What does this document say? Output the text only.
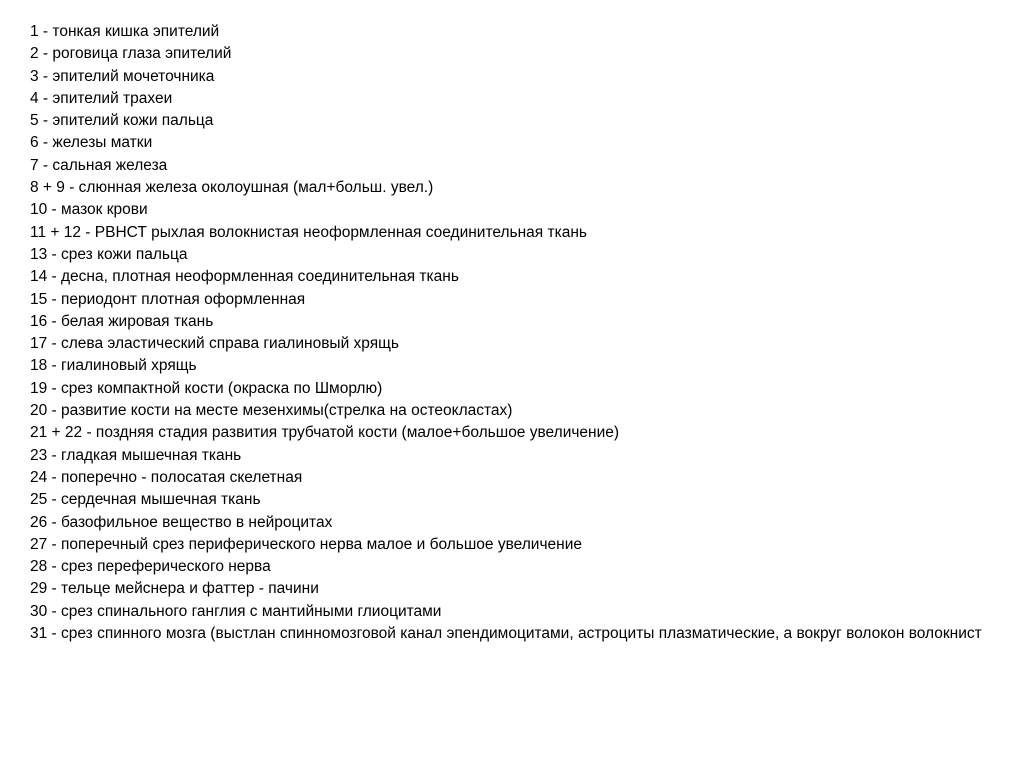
1 - тонкая кишка эпителий
2 - роговица глаза эпителий
3 - эпителий мочеточника
4 - эпителий трахеи
5 - эпителий кожи пальца
6 - железы матки
7 - сальная железа
8 + 9 - слюнная железа околоушная (мал+больш. увел.)
10 - мазок крови
11 + 12 - РВНСТ рыхлая волокнистая неоформленная соединительная ткань
13 - срез кожи пальца
14 - десна, плотная неоформленная соединительная ткань
15 - периодонт плотная оформленная
16 - белая жировая ткань
17 - слева эластический справа гиалиновый хрящь
18 - гиалиновый хрящь
19 - срез компактной кости (окраска по Шморлю)
20 - развитие кости на месте мезенхимы(стрелка на остеокластах)
21 + 22 - поздняя стадия развития трубчатой кости (малое+большое увеличение)
23 - гладкая мышечная ткань
24 - поперечно - полосатая скелетная
25 - сердечная мышечная ткань
26 - базофильное вещество в нейроцитах
27 - поперечный срез периферического нерва малое и большое увеличение
28 - срез переферического нерва
29 - тельце мейснера и фаттер - пачини
30 - срез спинального ганглия с мантийными глиоцитами
31 - срез спинного мозга (выстлан спинномозговой канал эпендимоцитами, астроциты плазматические, а вокруг волокон волокнист
